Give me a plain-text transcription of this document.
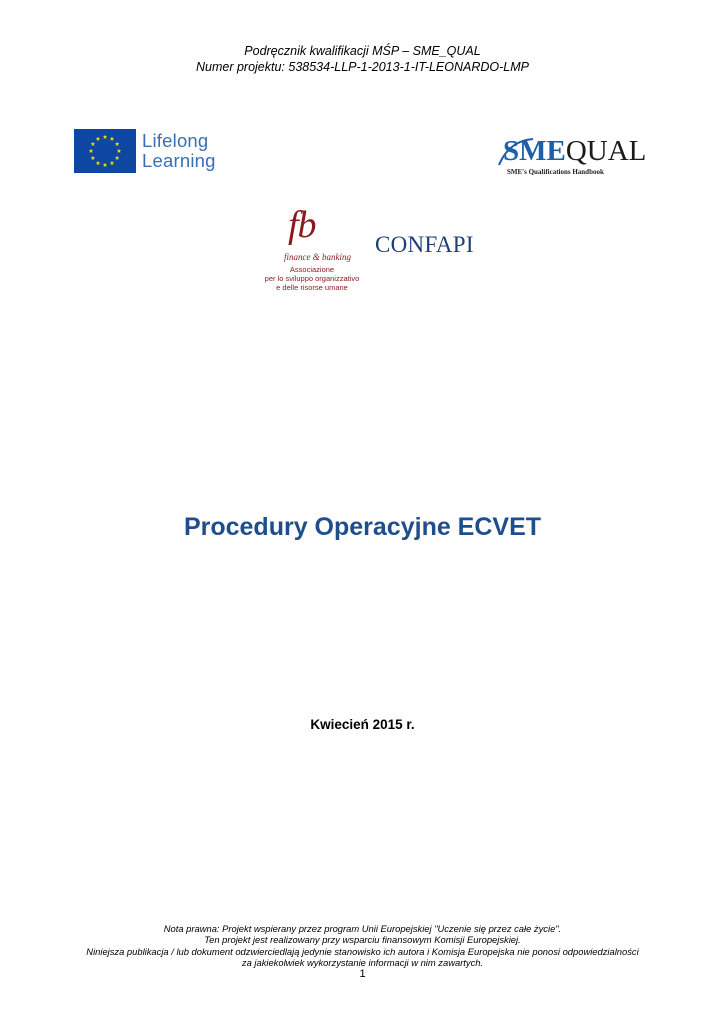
Podręcznik kwalifikacji MŚP – SME_QUAL
Numer projektu: 538534-LLP-1-2013-1-IT-LEONARDO-LMP
Lifelong
Learning	SMEQUAL
SME's Qualifications Handbook
fb
finance & banking
Associazione
per lo sviluppo organizzativo
e delle risorse umane
CONFAPI
Procedury Operacyjne ECVET
Kwiecień 2015 r.
Nota prawna: Projekt wspierany przez program Unii Europejskiej "Uczenie się przez całe życie".
Ten projekt jest realizowany przy wsparciu finansowym Komisji Europejskiej.
Niniejsza publikacja / lub dokument odzwierciedlają jedynie stanowisko ich autora i Komisja Europejska nie ponosi odpowiedzialności
za jakiekolwiek wykorzystanie informacji w nim zawartych.
1
